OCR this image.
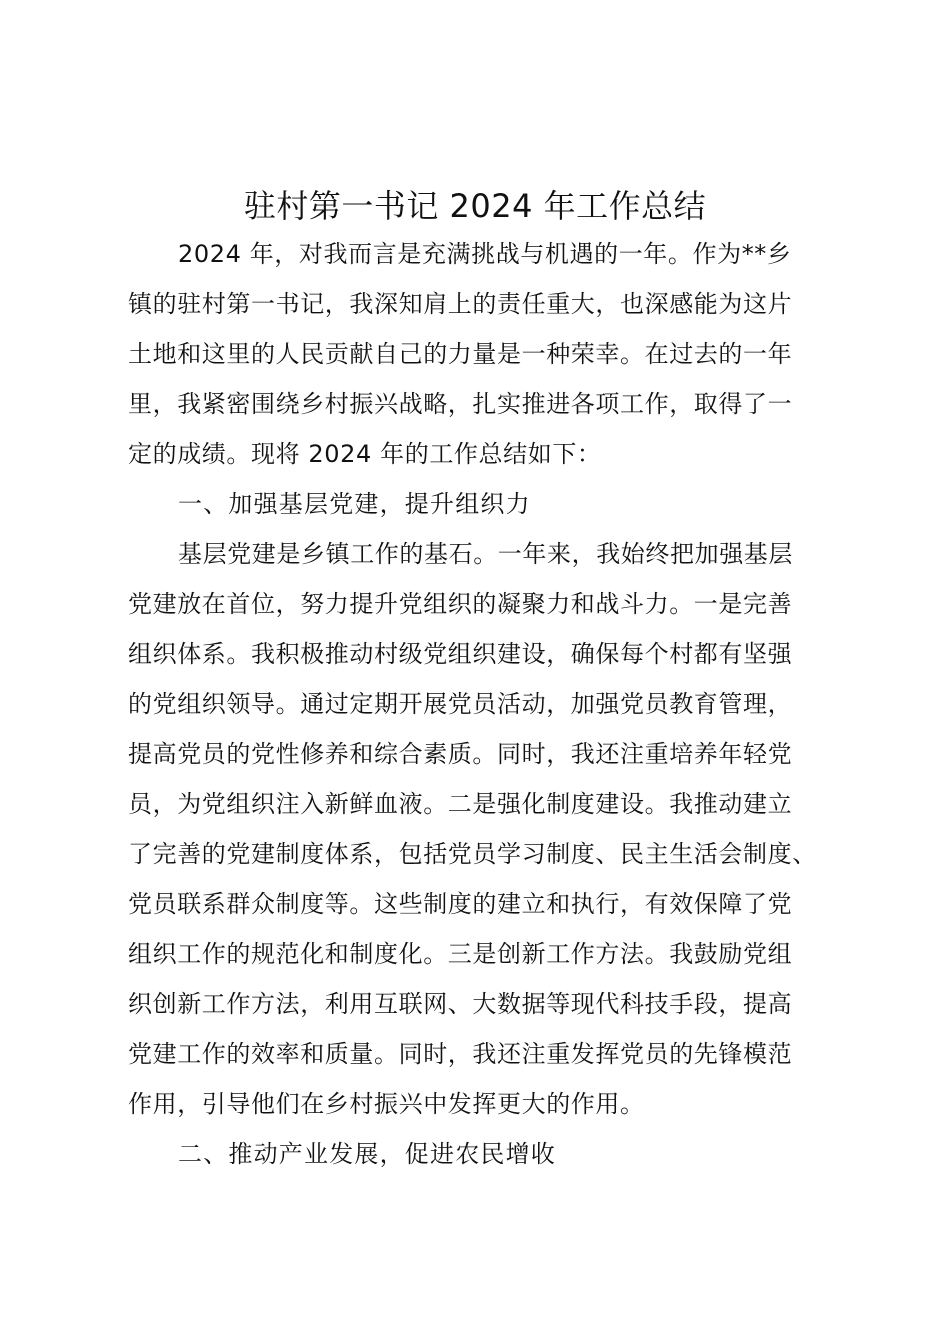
驻村第一书记 2024 年工作总结
2024 年，对我而言是充满挑战与机遇的一年。作为**乡
镇的驻村第一书记，我深知肩上的责任重大，也深感能为这片
土地和这里的人民贡献自己的力量是一种荣幸。在过去的一年
里，我紧密围绕乡村振兴战略，扎实推进各项工作，取得了一
定的成绩。现将 2024 年的工作总结如下：
一、加强基层党建，提升组织力
基层党建是乡镇工作的基石。一年来，我始终把加强基层
党建放在首位，努力提升党组织的凝聚力和战斗力。一是完善
组织体系。我积极推动村级党组织建设，确保每个村都有坚强
的党组织领导。通过定期开展党员活动，加强党员教育管理，
提高党员的党性修养和综合素质。同时，我还注重培养年轻党
员，为党组织注入新鲜血液。二是强化制度建设。我推动建立
了完善的党建制度体系，包括党员学习制度、民主生活会制度、
党员联系群众制度等。这些制度的建立和执行，有效保障了党
组织工作的规范化和制度化。三是创新工作方法。我鼓励党组
织创新工作方法，利用互联网、大数据等现代科技手段，提高
党建工作的效率和质量。同时，我还注重发挥党员的先锋模范
作用，引导他们在乡村振兴中发挥更大的作用。
二、推动产业发展，促进农民增收
